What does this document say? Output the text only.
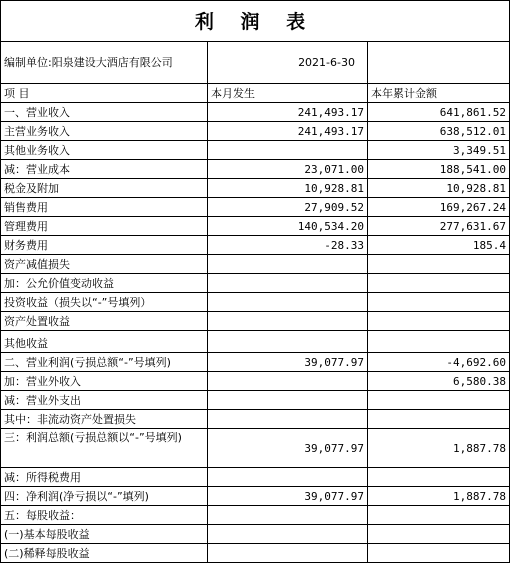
利 润 表
编制单位:阳泉建设大酒店有限公司	2021-6-30	
项 目	本月发生	本年累计金额
一、营业收入	241,493.17	641,861.52
主营业务收入	241,493.17	638,512.01
其他业务收入		3,349.51
减：营业成本	23,071.00	188,541.00
税金及附加	10,928.81	10,928.81
销售费用	27,909.52	169,267.24
管理费用	140,534.20	277,631.67
财务费用	-28.33	185.4
资产减值损失		
加：公允价值变动收益		
投资收益（损失以“-”号填列）		
资产处置收益		
其他收益		
二、营业利润(亏损总额“-”号填列)	39,077.97	-4,692.60
加：营业外收入		6,580.38
减：营业外支出		
其中：非流动资产处置损失		
三：利润总额(亏损总额以“-”号填列)	39,077.97	1,887.78
减：所得税费用		
四：净利润(净亏损以“-”填列)	39,077.97	1,887.78
五：每股收益：		
(一)基本每股收益		
(二)稀释每股收益		
